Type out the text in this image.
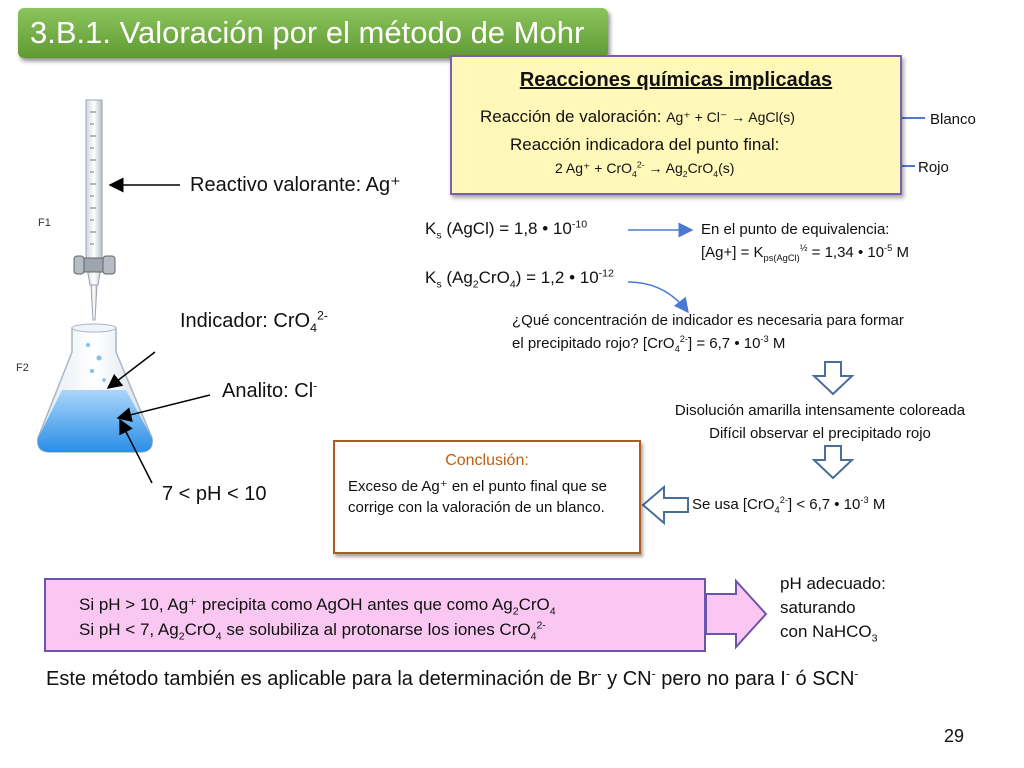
3.B.1. Valoración por el método de Mohr
F1
F2
Reacciones químicas implicadas
Reacción de valoración: Ag⁺ + Cl⁻ → AgCl(s)
Reacción indicadora del punto final:
2 $Ag^+ + CrO_4^{2-} \to Ag_2CrO_4(s)$
Blanco
Rojo
Reactivo valorante: Ag⁺
Indicador: CrO$_4^{2-}$
Analito: Cl-
7 < pH < 10
$K_s$ (AgCl) = 1,8 • $10^{-10}$
$K_s$ $(Ag_2CrO_4) = 1,2$ • $10^{-12}$
En el punto de equivalencia:
$[Ag+] = K_{ps(AgCl)}^{\frac{1}{2}} = 1,34$ • $10^{-5}$ M
¿Qué concentración de indicador es necesaria para formar
el precipitado rojo? [CrO$_4^{2-}$] = 6,7 • $10^{-3}$ M
Disolución amarilla intensamente coloreada
Difícil observar el precipitado rojo
Se usa [CrO$_4^{2-}$] < 6,7 • $10^{-3}$ M
Conclusión:
Exceso de Ag⁺ en el punto final que se corrige con la valoración de un blanco.
Si pH > 10, Ag⁺ precipita como AgOH antes que como $Ag_2CrO_4$
Si pH < 7, $Ag_2CrO_4$ se solubiliza al protonarse los iones CrO$_4^{2-}$
pH adecuado:
saturando
con NaHCO$_3$
Este método también es aplicable para la determinación de Br- y CN- pero no para I- ó SCN-
29
